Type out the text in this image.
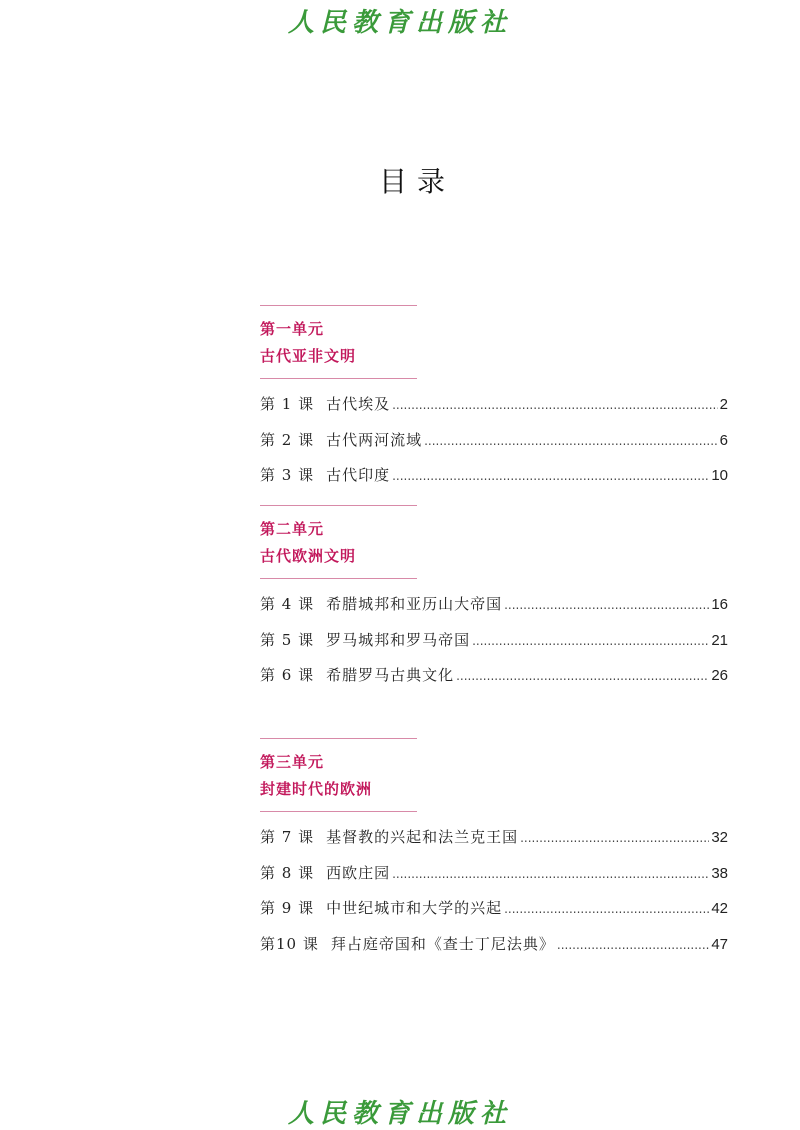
人民教育出版社
目录
第一单元
古代亚非文明
第 1 课 古代埃及 .....	2
第 2 课 古代两河流域 .....	6
第 3 课 古代印度 .....	10
第二单元
古代欧洲文明
第 4 课 希腊城邦和亚历山大帝国 .....	16
第 5 课 罗马城邦和罗马帝国 .....	21
第 6 课 希腊罗马古典文化 .....	26
第三单元
封建时代的欧洲
第 7 课 基督教的兴起和法兰克王国 .....	32
第 8 课 西欧庄园 .....	38
第 9 课 中世纪城市和大学的兴起 .....	42
第10 课 拜占庭帝国和《查士丁尼法典》 .....	47
人民教育出版社
